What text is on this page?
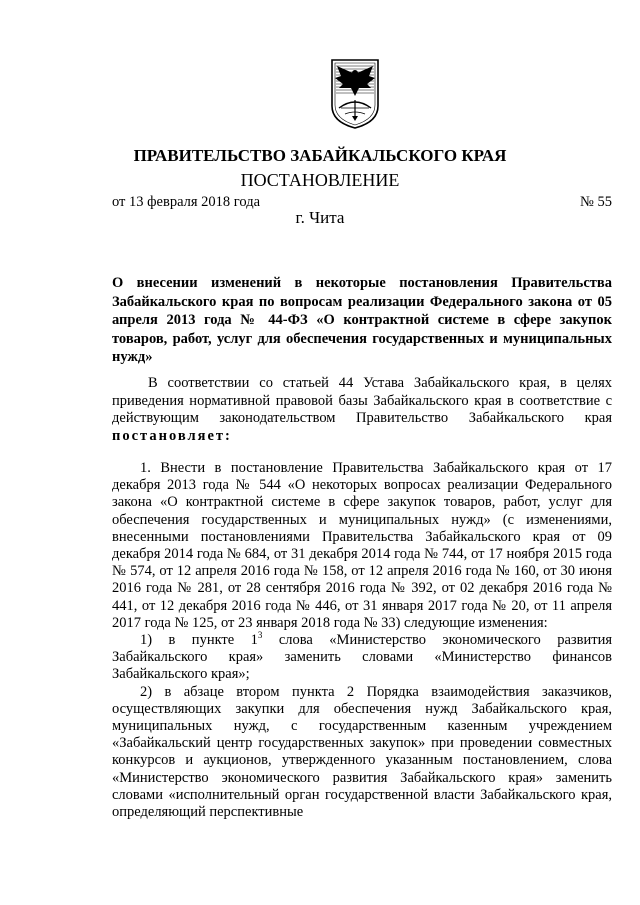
ПРАВИТЕЛЬСТВО ЗАБАЙКАЛЬСКОГО КРАЯ
ПОСТАНОВЛЕНИЕ
от 13 февраля 2018 года	№ 55
г. Чита
О внесении изменений в некоторые постановления Правительства Забайкальского края по вопросам реализации Федерального закона от 05 апреля 2013 года № 44-ФЗ «О контрактной системе в сфере закупок товаров, работ, услуг для обеспечения государственных и муниципальных нужд»
В соответствии со статьей 44 Устава Забайкальского края, в целях приведения нормативной правовой базы Забайкальского края в соответствие с действующим законодательством Правительство Забайкальского края постановляет:

1. Внести в постановление Правительства Забайкальского края от 17 декабря 2013 года № 544 «О некоторых вопросах реализации Федерального закона «О контрактной системе в сфере закупок товаров, работ, услуг для обеспечения государственных и муниципальных нужд» (с изменениями, внесенными постановлениями Правительства Забайкальского края от 09 декабря 2014 года № 684, от 31 декабря 2014 года № 744, от 17 ноября 2015 года № 574, от 12 апреля 2016 года № 158, от 12 апреля 2016 года № 160, от 30 июня 2016 года № 281, от 28 сентября 2016 года № 392, от 02 декабря 2016 года № 441, от 12 декабря 2016 года № 446, от 31 января 2017 года № 20, от 11 апреля 2017 года № 125, от 23 января 2018 года № 33) следующие изменения:

1) в пункте $1^3$ слова «Министерство экономического развития Забайкальского края» заменить словами «Министерство финансов Забайкальского края»;

2) в абзаце втором пункта 2 Порядка взаимодействия заказчиков, осуществляющих закупки для обеспечения нужд Забайкальского края, муниципальных нужд, с государственным казенным учреждением «Забайкальский центр государственных закупок» при проведении совместных конкурсов и аукционов, утвержденного указанным постановлением, слова «Министерство экономического развития Забайкальского края» заменить словами «исполнительный орган государственной власти Забайкальского края, определяющий перспективные
